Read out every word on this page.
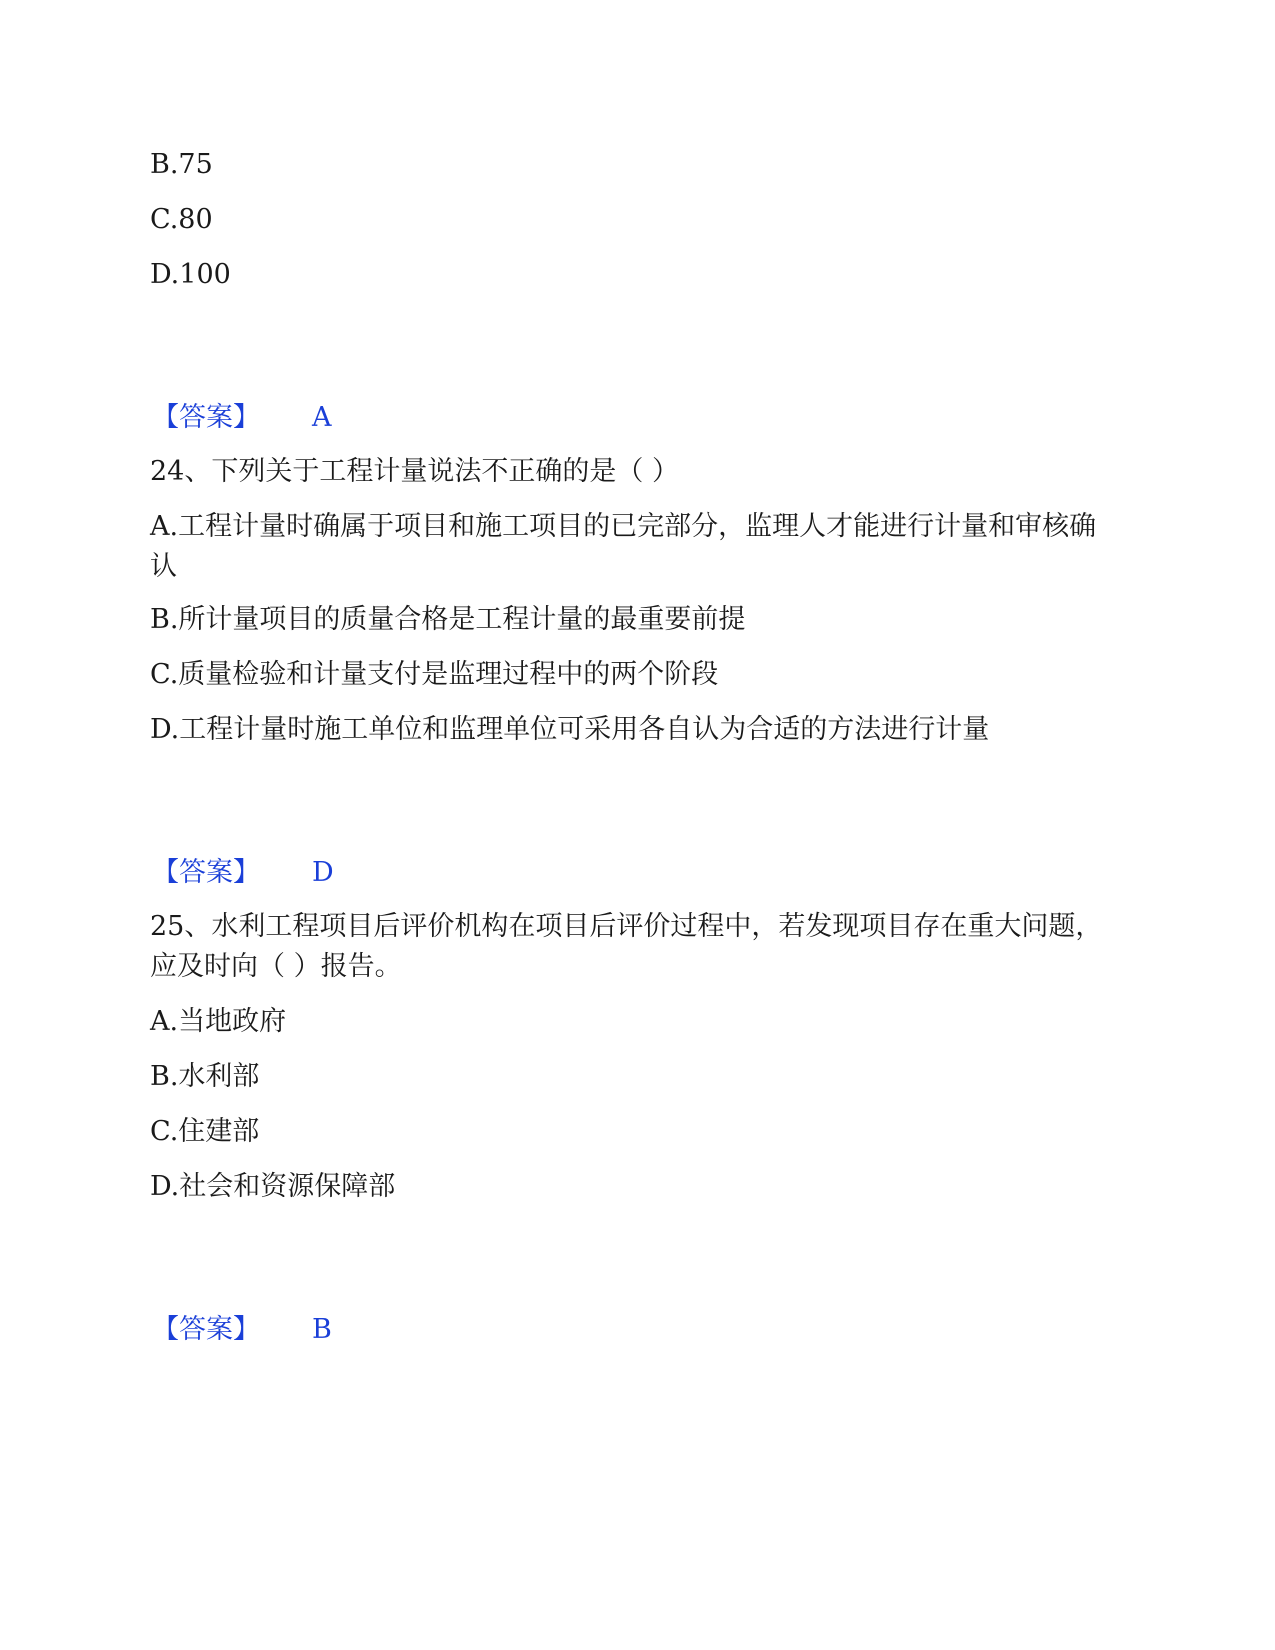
B.75
C.80
D.100
【答案】 A
24、下列关于工程计量说法不正确的是（ ）
A.工程计量时确属于项目和施工项目的已完部分，监理人才能进行计量和审核确认
B.所计量项目的质量合格是工程计量的最重要前提
C.质量检验和计量支付是监理过程中的两个阶段
D.工程计量时施工单位和监理单位可采用各自认为合适的方法进行计量
【答案】 D
25、水利工程项目后评价机构在项目后评价过程中，若发现项目存在重大问题，应及时向（ ）报告。
A.当地政府
B.水利部
C.住建部
D.社会和资源保障部
【答案】 B
